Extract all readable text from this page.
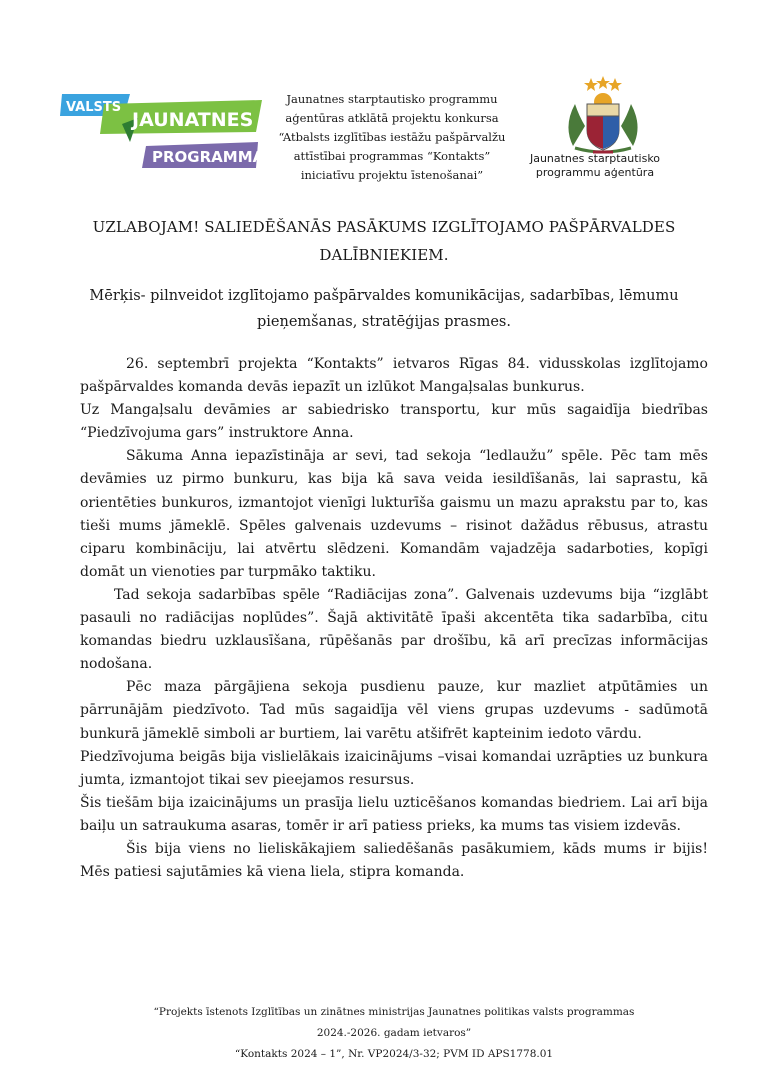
VALSTS
JAUNATNES
PROGRAMMA
Jaunatnes starptautisko programmu
aģentūras atklātā projektu konkursa
“Atbalsts izglītības iestāžu pašpārvalžu
attīstībai programmas “Kontakts”
iniciatīvu projektu īstenošanai”
Jaunatnes starptautisko
programmu aģentūra
UZLABOJAM! SALIEDĒŠANĀS PASĀKUMS IZGLĪTOJAMO PAŠPĀRVALDES
DALĪBNIEKIEM.
Mērķis- pilnveidot izglītojamo pašpārvaldes komunikācijas, sadarbības, lēmumu
pieņemšanas, stratēģijas prasmes.

26. septembrī projekta “Kontakts” ietvaros Rīgas 84. vidusskolas izglītojamo pašpārvaldes komanda devās iepazīt un izlūkot Mangaļsalas bunkurus.

Uz Mangaļsalu devāmies ar sabiedrisko transportu, kur mūs sagaidīja biedrības “Piedzīvojuma gars” instruktore Anna.

Sākuma Anna iepazīstināja ar sevi, tad sekoja “ledlaužu” spēle. Pēc tam mēs devāmies uz pirmo bunkuru, kas bija kā sava veida iesildīšanās, lai saprastu, kā orientēties bunkuros, izmantojot vienīgi lukturīša gaismu un mazu aprakstu par to, kas tieši mums jāmeklē. Spēles galvenais uzdevums – risinot dažādus rēbusus, atrastu ciparu kombināciju, lai atvērtu slēdzeni. Komandām vajadzēja sadarboties, kopīgi domāt un vienoties par turpmāko taktiku.

Tad sekoja sadarbības spēle “Radiācijas zona”. Galvenais uzdevums bija “izglābt pasauli no radiācijas noplūdes”. Šajā aktivitātē īpaši akcentēta tika sadarbība, citu komandas biedru uzklausīšana, rūpēšanās par drošību, kā arī precīzas informācijas nodošana.

Pēc maza pārgājiena sekoja pusdienu pauze, kur mazliet atpūtāmies un pārrunājām piedzīvoto. Tad mūs sagaidīja vēl viens grupas uzdevums - sadūmotā bunkurā jāmeklē simboli ar burtiem, lai varētu atšifrēt kapteinim iedoto vārdu.

Piedzīvojuma beigās bija vislielākais izaicinājums –visai komandai uzrāpties uz bunkura jumta, izmantojot tikai sev pieejamos resursus.

Šis tiešām bija izaicinājums un prasīja lielu uzticēšanos komandas biedriem. Lai arī bija baiļu un satraukuma asaras, tomēr ir arī patiess prieks, ka mums tas visiem izdevās.

Šis bija viens no lieliskākajiem saliedēšanās pasākumiem, kāds mums ir bijis! Mēs patiesi sajutāmies kā viena liela, stipra komanda.

“Projekts īstenots Izglītības un zinātnes ministrijas Jaunatnes politikas valsts programmas
2024.-2026. gadam ietvaros”
“Kontakts 2024 – 1”, Nr. VP2024/3-32; PVM ID APS1778.01
